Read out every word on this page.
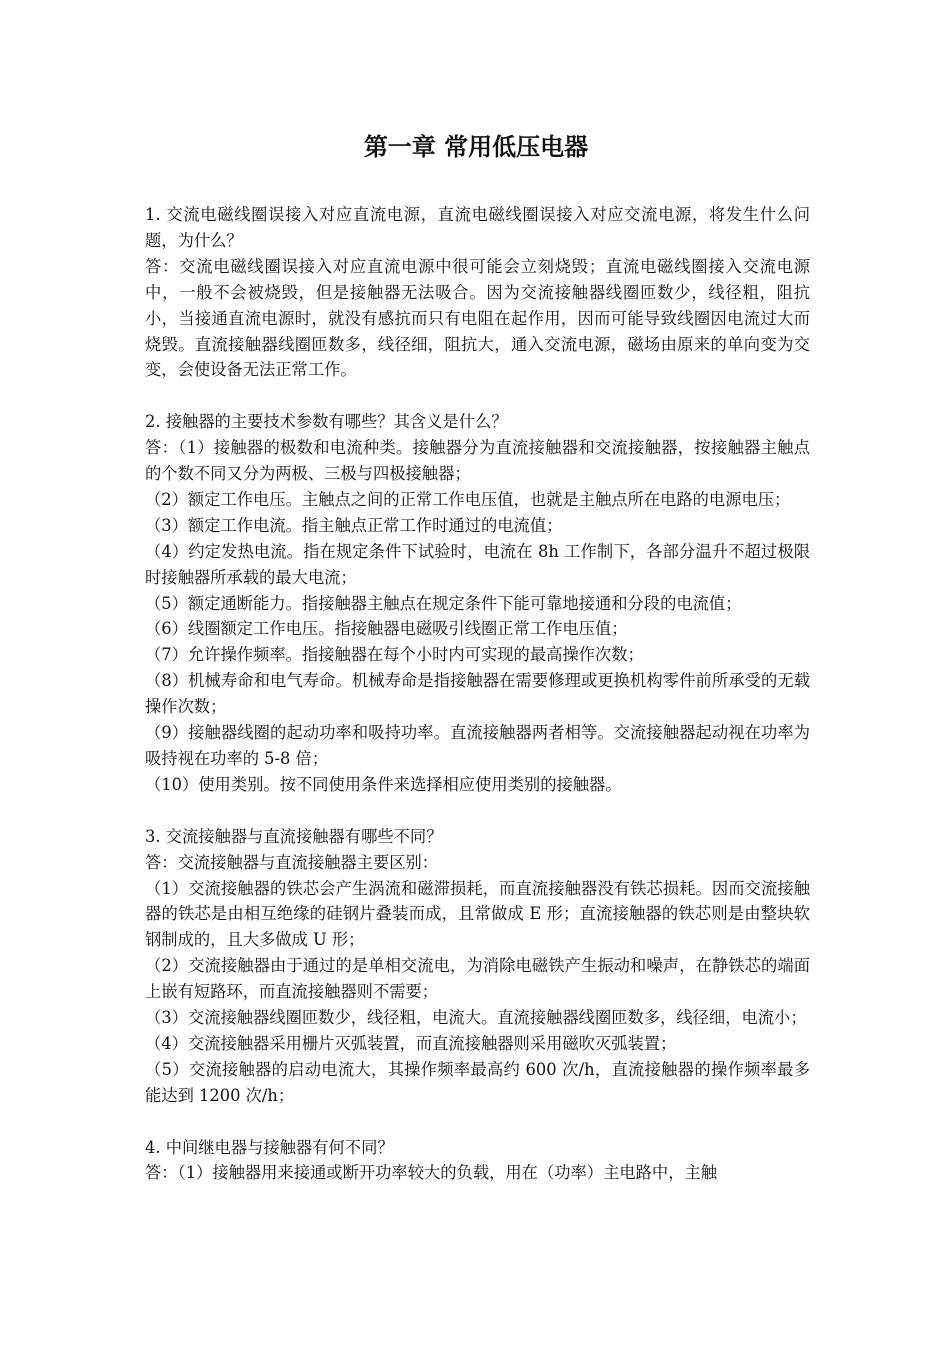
第一章 常用低压电器

1. 交流电磁线圈误接入对应直流电源，直流电磁线圈误接入对应交流电源，将发生什么问题，为什么？

答：交流电磁线圈误接入对应直流电源中很可能会立刻烧毁；直流电磁线圈接入交流电源中，一般不会被烧毁，但是接触器无法吸合。因为交流接触器线圈匝数少，线径粗，阻抗小，当接通直流电源时，就没有感抗而只有电阻在起作用，因而可能导致线圈因电流过大而烧毁。直流接触器线圈匝数多，线径细，阻抗大，通入交流电源，磁场由原来的单向变为交变，会使设备无法正常工作。

2. 接触器的主要技术参数有哪些？其含义是什么？

答：（1）接触器的极数和电流种类。接触器分为直流接触器和交流接触器，按接触器主触点的个数不同又分为两极、三极与四极接触器；

（2）额定工作电压。主触点之间的正常工作电压值，也就是主触点所在电路的电源电压；

（3）额定工作电流。指主触点正常工作时通过的电流值；

（4）约定发热电流。指在规定条件下试验时，电流在 8h 工作制下，各部分温升不超过极限时接触器所承载的最大电流；

（5）额定通断能力。指接触器主触点在规定条件下能可靠地接通和分段的电流值；

（6）线圈额定工作电压。指接触器电磁吸引线圈正常工作电压值；

（7）允许操作频率。指接触器在每个小时内可实现的最高操作次数；

（8）机械寿命和电气寿命。机械寿命是指接触器在需要修理或更换机构零件前所承受的无载操作次数；

（9）接触器线圈的起动功率和吸持功率。直流接触器两者相等。交流接触器起动视在功率为吸持视在功率的 5-8 倍；

（10）使用类别。按不同使用条件来选择相应使用类别的接触器。

3. 交流接触器与直流接触器有哪些不同？

答：交流接触器与直流接触器主要区别：

（1）交流接触器的铁芯会产生涡流和磁滞损耗，而直流接触器没有铁芯损耗。因而交流接触器的铁芯是由相互绝缘的硅钢片叠装而成，且常做成 E 形；直流接触器的铁芯则是由整块软钢制成的，且大多做成 U 形；

（2）交流接触器由于通过的是单相交流电，为消除电磁铁产生振动和噪声，在静铁芯的端面上嵌有短路环，而直流接触器则不需要；

（3）交流接触器线圈匝数少，线径粗，电流大。直流接触器线圈匝数多，线径细，电流小；

（4）交流接触器采用栅片灭弧装置，而直流接触器则采用磁吹灭弧装置；

（5）交流接触器的启动电流大，其操作频率最高约 600 次/h，直流接触器的操作频率最多能达到 1200 次/h；

4. 中间继电器与接触器有何不同？

答：（1）接触器用来接通或断开功率较大的负载，用在（功率）主电路中，主触
